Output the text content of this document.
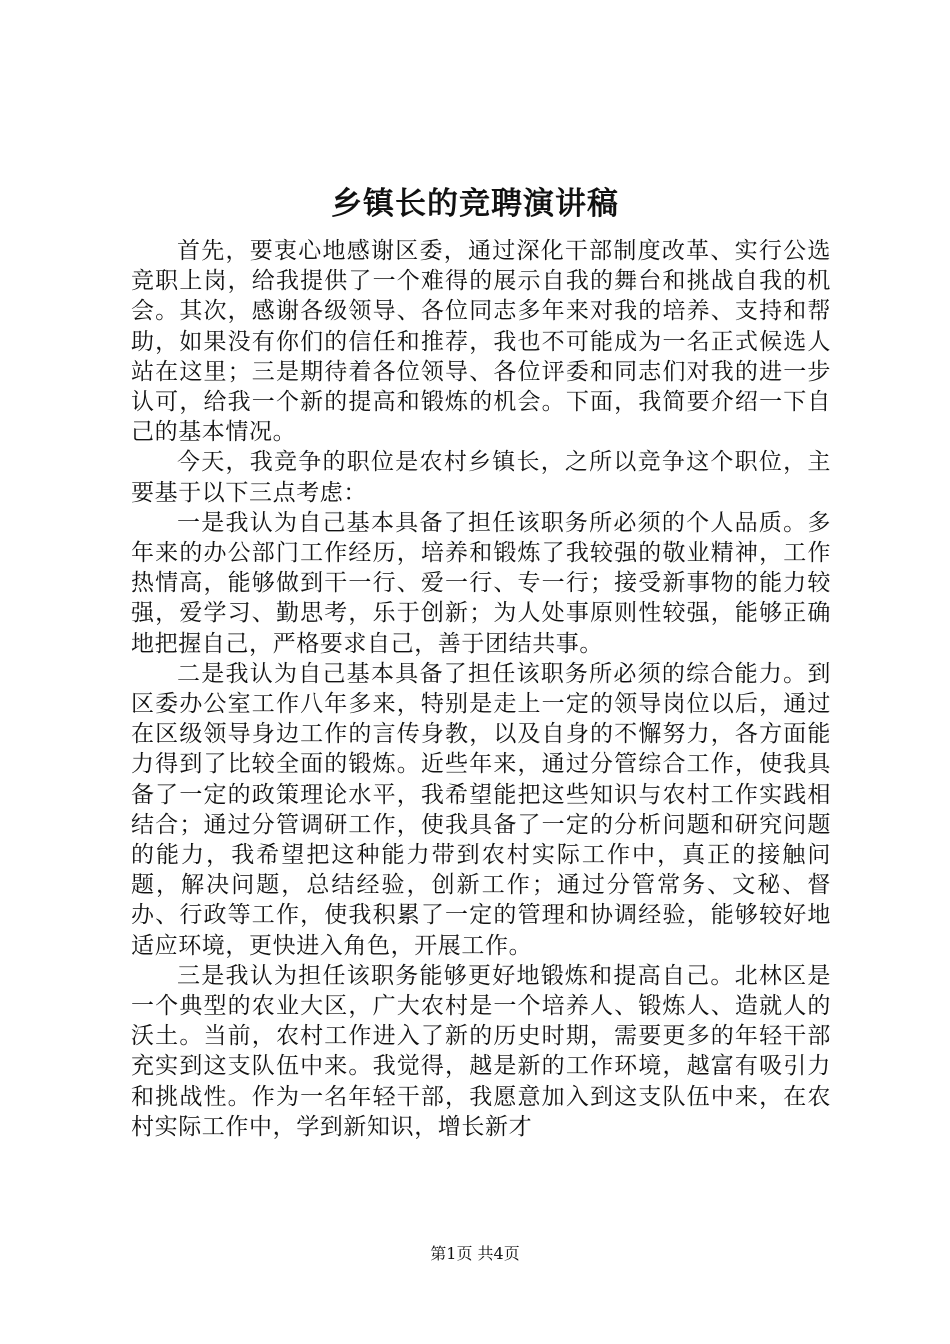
乡镇长的竞聘演讲稿

首先，要衷心地感谢区委，通过深化干部制度改革、实行公选竞职上岗，给我提供了一个难得的展示自我的舞台和挑战自我的机会。其次，感谢各级领导、各位同志多年来对我的培养、支持和帮助，如果没有你们的信任和推荐，我也不可能成为一名正式候选人站在这里；三是期待着各位领导、各位评委和同志们对我的进一步认可，给我一个新的提高和锻炼的机会。下面，我简要介绍一下自己的基本情况。

今天，我竞争的职位是农村乡镇长，之所以竞争这个职位，主要基于以下三点考虑：

一是我认为自己基本具备了担任该职务所必须的个人品质。多年来的办公部门工作经历，培养和锻炼了我较强的敬业精神，工作热情高，能够做到干一行、爱一行、专一行；接受新事物的能力较强，爱学习、勤思考，乐于创新；为人处事原则性较强，能够正确地把握自己，严格要求自己，善于团结共事。

二是我认为自己基本具备了担任该职务所必须的综合能力。到区委办公室工作八年多来，特别是走上一定的领导岗位以后，通过在区级领导身边工作的言传身教，以及自身的不懈努力，各方面能力得到了比较全面的锻炼。近些年来，通过分管综合工作，使我具备了一定的政策理论水平，我希望能把这些知识与农村工作实践相结合；通过分管调研工作，使我具备了一定的分析问题和研究问题的能力，我希望把这种能力带到农村实际工作中，真正的接触问题，解决问题，总结经验，创新工作；通过分管常务、文秘、督办、行政等工作，使我积累了一定的管理和协调经验，能够较好地适应环境，更快进入角色，开展工作。

三是我认为担任该职务能够更好地锻炼和提高自己。北林区是一个典型的农业大区，广大农村是一个培养人、锻炼人、造就人的沃土。当前，农村工作进入了新的历史时期，需要更多的年轻干部充实到这支队伍中来。我觉得，越是新的工作环境，越富有吸引力和挑战性。作为一名年轻干部，我愿意加入到这支队伍中来，在农村实际工作中，学到新知识，增长新才

第1页 共4页
